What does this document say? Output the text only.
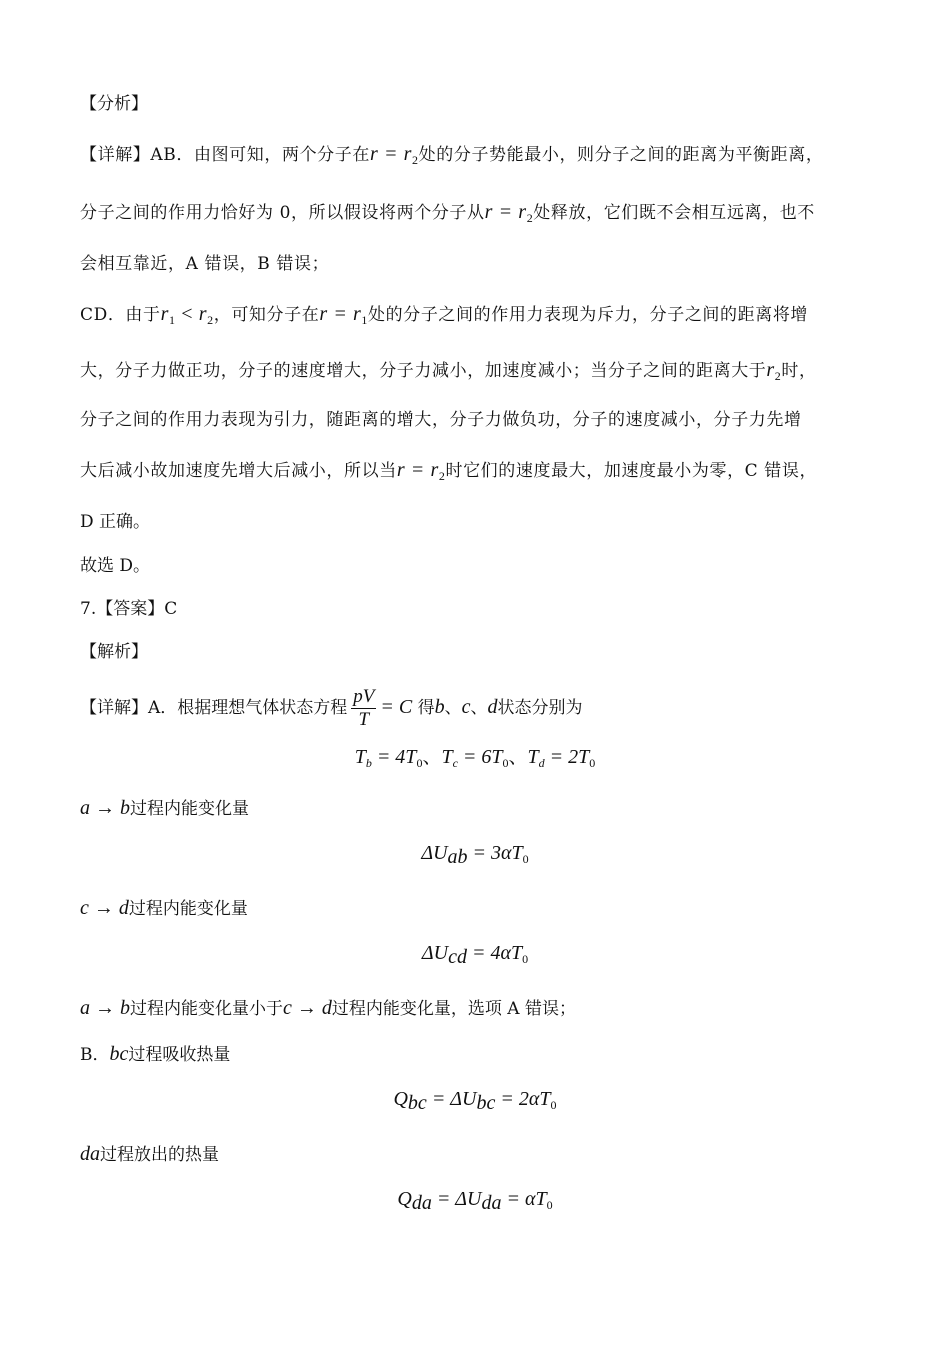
【分析】
【详解】AB．由图可知，两个分子在$r = r_2$处的分子势能最小，则分子之间的距离为平衡距离，
分子之间的作用力恰好为 0，所以假设将两个分子从$r = r_2$处释放，它们既不会相互远离，也不
会相互靠近，A 错误，B 错误；
CD．由于$r_1 < r_2$，可知分子在$r = r_1$处的分子之间的作用力表现为斥力，分子之间的距离将增
大，分子力做正功，分子的速度增大，分子力减小，加速度减小；当分子之间的距离大于$r_2$时，
分子之间的作用力表现为引力，随距离的增大，分子力做负功，分子的速度减小，分子力先增
大后减小故加速度先增大后减小，所以当$r = r_2$时它们的速度最大，加速度最小为零，C 错误，
D 正确。
故选 D。
7.【答案】C
【解析】
【详解】A．根据理想气体状态方程 $\frac{pV}{T} = C$ 得b、c、d状态分别为
$T_b = 4T_0$、$T_c = 6T_0$、$T_d = 2T_0$
a → b过程内能变化量
$\Delta U_{ab} = 3\alpha T_0$
c → d过程内能变化量
$\Delta U_{cd} = 4\alpha T_0$
a → b过程内能变化量小于c → d过程内能变化量，选项 A 错误；
B．bc过程吸收热量
$Q_{bc} = \Delta U_{bc} = 2\alpha T_0$
da过程放出的热量
$Q_{da} = \Delta U_{da} = \alpha T_0$
